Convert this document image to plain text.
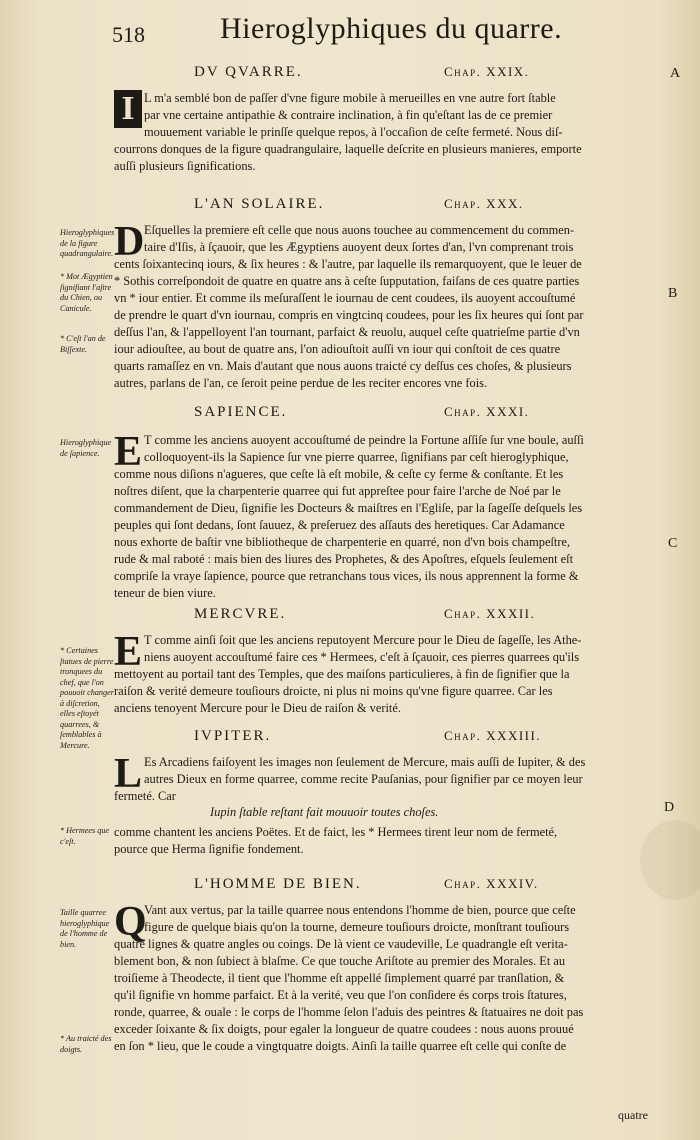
518	Hieroglyphiques du quarre.
A
B
C
D
DV QVARRE.	Chap. XXIX.
I L m'a semblé bon de paſſer d'vne figure mobile à merueilles en vne autre fort ſtable
par vne certaine antipathie & contraire inclination, à fin qu'eſtant las de ce premier
mouuement variable le prinſſe quelque repos, à l'occaſion de ceſte fermeté. Nous diſ-
courrons donques de la figure quadrangulaire, laquelle deſcrite en plusieurs manieres, emporte
auſſi plusieurs ſignifications.
L'AN SOLAIRE.	Chap. XXX.
D Eſquelles la premiere eſt celle que nous auons touchee au commencement du commen-
taire d'Iſis, à ſçauoir, que les Ægyptiens auoyent deux ſortes d'an, l'vn comprenant trois
cents ſoixantecinq iours, & ſix heures : & l'autre, par laquelle ils remarquoyent, que le leuer de
* Sothis correſpondoit de quatre en quatre ans à ceſte ſupputation, faiſans de ces quatre parties
vn * iour entier. Et comme ils meſuraſſent le iournau de cent coudees, ils auoyent accouſtumé
de prendre le quart d'vn iournau, compris en vingtcinq coudees, pour les ſix heures qui ſont par
deſſus l'an, & l'appelloyent l'an tournant, parfaict & reuolu, auquel ceſte quatrieſme partie d'vn
iour adiouſtee, au bout de quatre ans, l'on adiouſtoit auſſi vn iour qui conſtoit de ces quatre
quarts ramaſſez en vn. Mais d'autant que nous auons traicté cy deſſus ces choſes, & plusieurs
autres, parlans de l'an, ce ſeroit peine perdue de les reciter encores vne fois.
SAPIENCE.	Chap. XXXI.
E T comme les anciens auoyent accouſtumé de peindre la Fortune aſſiſe ſur vne boule, auſſi
colloquoyent-ils la Sapience ſur vne pierre quarree, ſignifians par ceſt hieroglyphique,
comme nous diſions n'agueres, que ceſte là eſt mobile, & ceſte cy ferme & conſtante. Et les
noſtres diſent, que la charpenterie quarree qui fut appreſtee pour faire l'arche de Noé par le
commandement de Dieu, ſignifie les Docteurs & maiſtres en l'Egliſe, par la ſageſſe deſquels les
peuples qui ſont dedans, ſont ſauuez, & preſeruez des aſſauts des heretiques. Car Adamance
nous exhorte de baſtir vne bibliotheque de charpenterie en quarré, non d'vn bois champeſtre,
rude & mal raboté : mais bien des liures des Prophetes, & des Apoſtres, eſquels ſeulement eſt
compriſe la vraye ſapience, pource que retranchans tous vices, ils nous apprennent la forme &
teneur de bien viure.
MERCVRE.	Chap. XXXII.
E T comme ainſi ſoit que les anciens reputoyent Mercure pour le Dieu de ſageſſe, les Athe-
niens auoyent accouſtumé faire ces * Hermees, c'eſt à ſçauoir, ces pierres quarrees qu'ils
mettoyent au portail tant des Temples, que des maiſons particulieres, à fin de ſignifier que la
raiſon & verité demeure touſiours droicte, ni plus ni moins qu'vne figure quarree. Car les
anciens tenoyent Mercure pour le Dieu de raiſon & verité.
IVPITER.	Chap. XXXIII.
L Es Arcadiens faiſoyent les images non ſeulement de Mercure, mais auſſi de Iupiter, & des
autres Dieux en forme quarree, comme recite Pauſanias, pour ſignifier par ce moyen leur
fermeté. Car
Iupin ſtable reſtant fait mouuoir toutes choſes.
comme chantent les anciens Poëtes. Et de faict, les * Hermees tirent leur nom de fermeté,
pource que Herma ſignifie fondement.
L'HOMME DE BIEN.	Chap. XXXIV.
Q
Vant aux vertus, par la taille quarree nous entendons l'homme de bien, pource que ceſte
figure de quelque biais qu'on la tourne, demeure touſiours droicte, monſtrant touſiours
quatre lignes & quatre angles ou coings. De là vient ce vaudeville, Le quadrangle eſt verita-
blement bon, & non ſubiect à blaſme. Ce que touche Ariſtote au premier des Morales. Et au
troiſieme à Theodecte, il tient que l'homme eſt appellé ſimplement quarré par tranſlation, &
qu'il ſignifie vn homme parfaict. Et à la verité, veu que l'on conſidere és corps trois ſtatures,
ronde, quarree, & ouale : le corps de l'homme ſelon l'aduis des peintres & ſtatuaires ne doit pas
exceder ſoixante & ſix doigts, pour egaler la longueur de quatre coudees : nous auons prouué
en ſon * lieu, que le coude a vingtquatre doigts. Ainſi la taille quarree eſt celle qui conſte de
quatre
Hieroglyphiques de la figure quadrangulaire.
* Mot Ægyptien ſignifiant l'aſtre du Chien, ou Canicule.
* C'eſt l'an de Biſſexte.
Hieroglyphique de ſapience.
* Certaines ſtatues de pierre tronquees du chef, que l'on pouuoit changer à diſcretion, elles eſtoyét quarrees, & ſemblables à Mercure.
* Hermees que c'eſt.
Taille quarree hieroglyphique de l'homme de bien.
* Au traicté des doigts.
